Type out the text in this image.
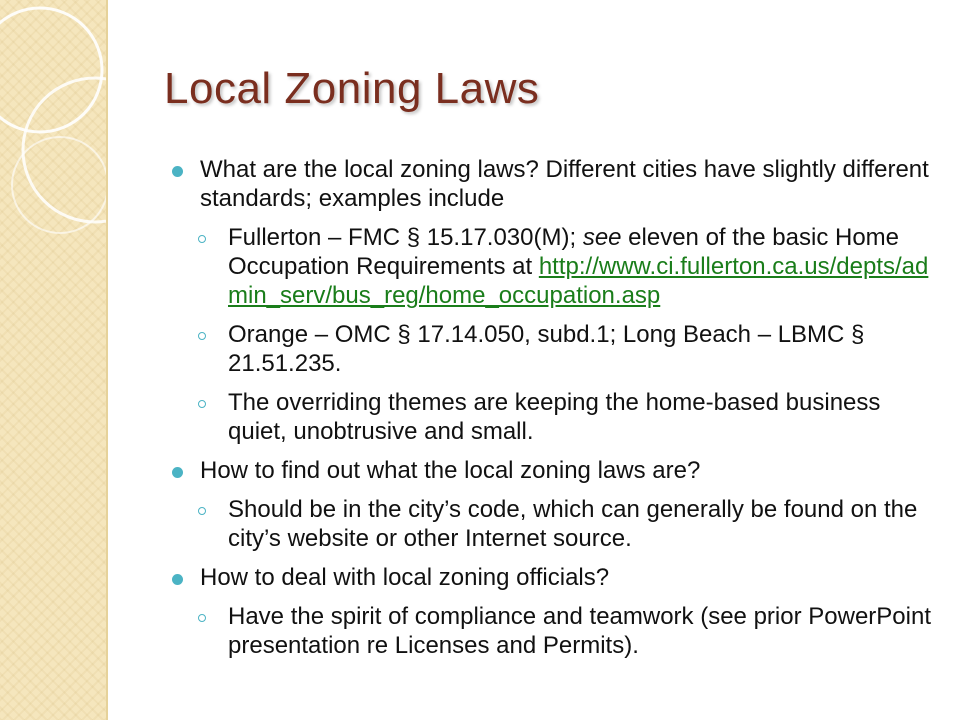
Local Zoning Laws
What are the local zoning laws? Different cities have slightly different standards; examples include
Fullerton – FMC § 15.17.030(M); see eleven of the basic Home Occupation Requirements at http://www.ci.fullerton.ca.us/depts/admin_serv/bus_reg/home_occupation.asp
Orange – OMC § 17.14.050, subd.1; Long Beach – LBMC § 21.51.235.
The overriding themes are keeping the home-based business quiet, unobtrusive and small.
How to find out what the local zoning laws are?
Should be in the city’s code, which can generally be found on the city’s website or other Internet source.
How to deal with local zoning officials?
Have the spirit of compliance and teamwork (see prior PowerPoint presentation re Licenses and Permits).
